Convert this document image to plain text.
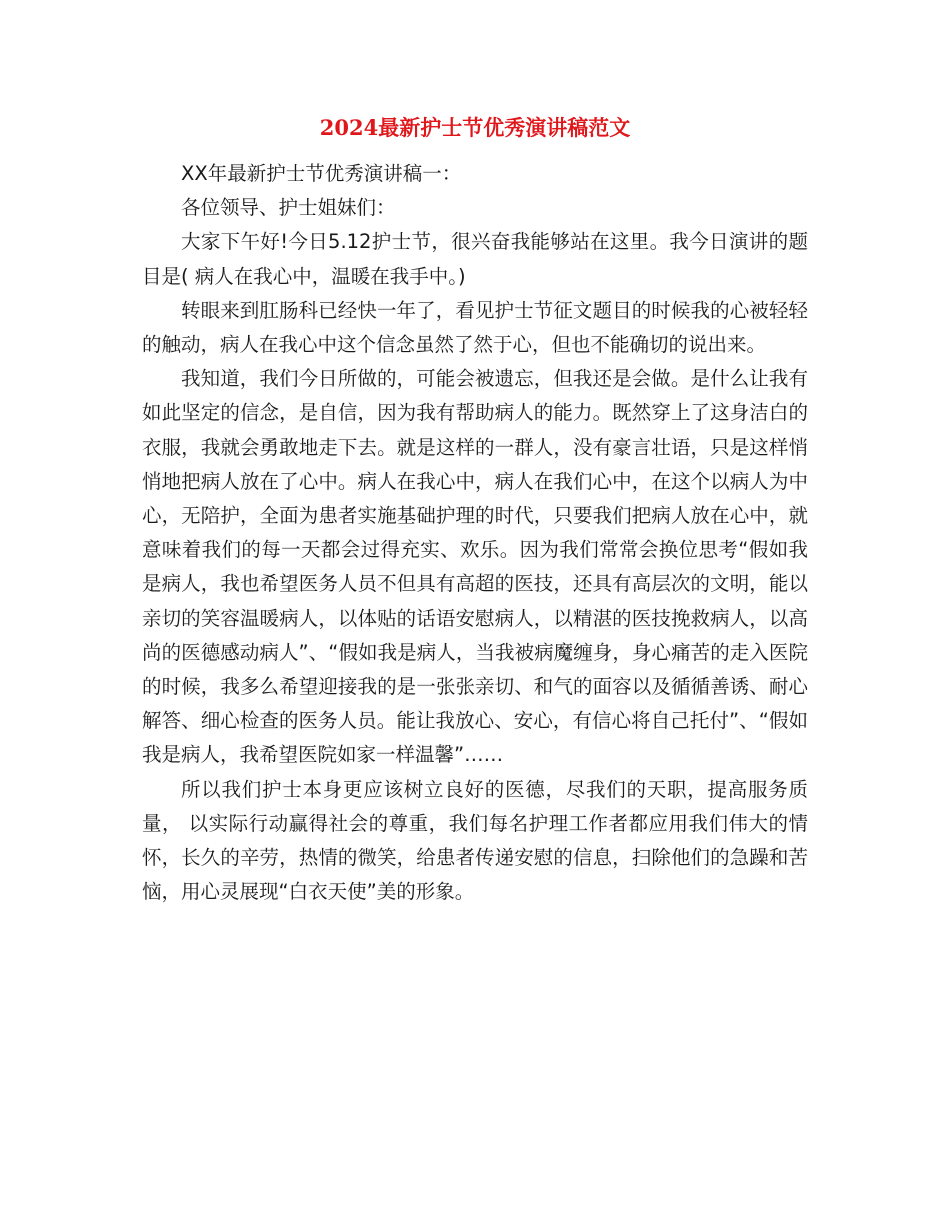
2024最新护士节优秀演讲稿范文

XX年最新护士节优秀演讲稿一：

各位领导、护士姐妹们：

大家下午好!今日5.12护士节，很兴奋我能够站在这里。我今日演讲的题目是( 病人在我心中，温暖在我手中。)

转眼来到肛肠科已经快一年了，看见护士节征文题目的时候我的心被轻轻的触动，病人在我心中这个信念虽然了然于心，但也不能确切的说出来。

我知道，我们今日所做的，可能会被遗忘，但我还是会做。是什么让我有如此坚定的信念，是自信，因为我有帮助病人的能力。既然穿上了这身洁白的衣服，我就会勇敢地走下去。就是这样的一群人，没有豪言壮语，只是这样悄悄地把病人放在了心中。病人在我心中，病人在我们心中，在这个以病人为中心，无陪护，全面为患者实施基础护理的时代，只要我们把病人放在心中，就意味着我们的每一天都会过得充实、欢乐。因为我们常常会换位思考“假如我是病人，我也希望医务人员不但具有高超的医技，还具有高层次的文明，能以亲切的笑容温暖病人，以体贴的话语安慰病人，以精湛的医技挽救病人，以高尚的医德感动病人”、“假如我是病人，当我被病魔缠身，身心痛苦的走入医院的时候，我多么希望迎接我的是一张张亲切、和气的面容以及循循善诱、耐心解答、细心检查的医务人员。能让我放心、安心，有信心将自己托付”、“假如我是病人，我希望医院如家一样温馨”……

所以我们护士本身更应该树立良好的医德，尽我们的天职，提高服务质量， 以实际行动赢得社会的尊重，我们每名护理工作者都应用我们伟大的情怀，长久的辛劳，热情的微笑，给患者传递安慰的信息，扫除他们的急躁和苦恼，用心灵展现“白衣天使”美的形象。
